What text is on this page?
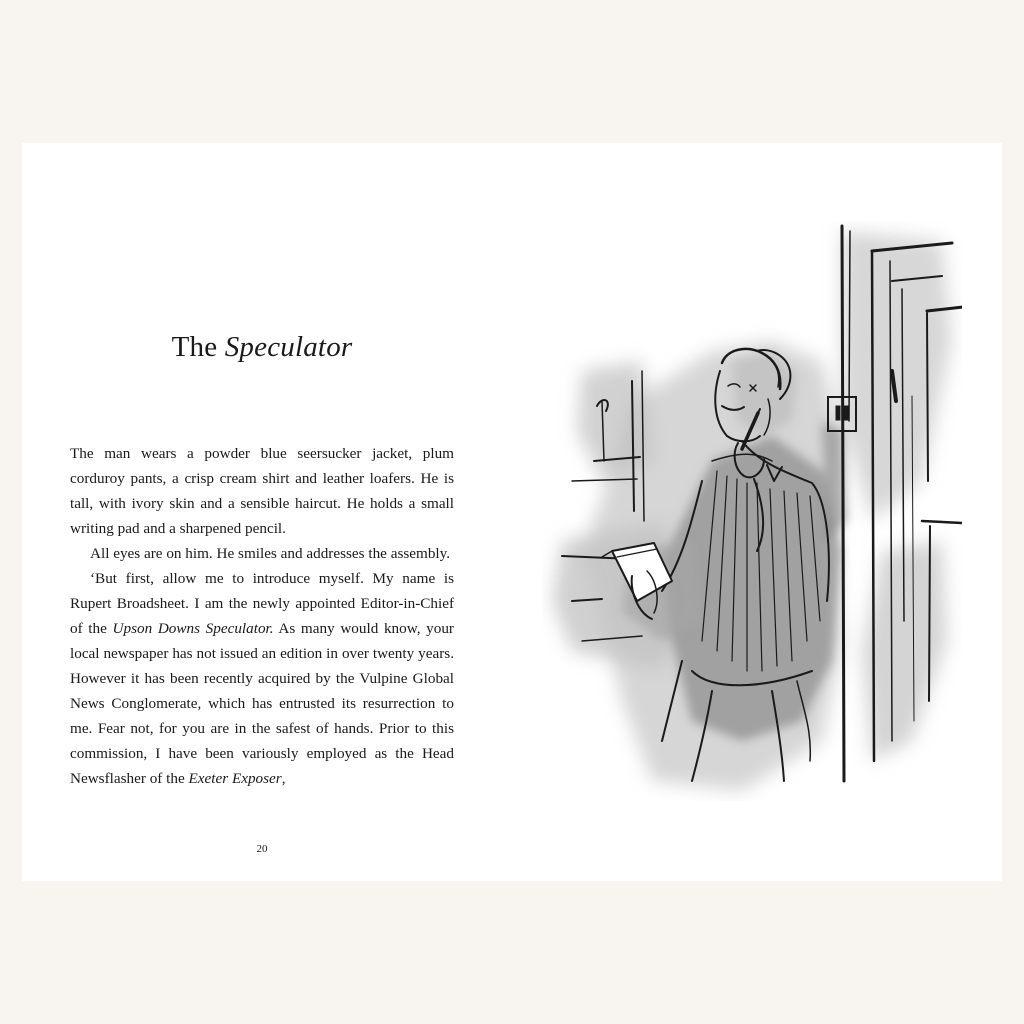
The Speculator

The man wears a powder blue seersucker jacket, plum corduroy pants, a crisp cream shirt and leather loafers. He is tall, with ivory skin and a sensible haircut. He holds a small writing pad and a sharpened pencil.

All eyes are on him. He smiles and addresses the assembly.

‘But first, allow me to introduce myself. My name is Rupert Broadsheet. I am the newly appointed Editor-in-Chief of the Upson Downs Speculator. As many would know, your local newspaper has not issued an edition in over twenty years. However it has been recently acquired by the Vulpine Global News Conglomerate, which has entrusted its resurrection to me. Fear not, for you are in the safest of hands. Prior to this commission, I have been variously employed as the Head Newsflasher of the Exeter Exposer,

20
